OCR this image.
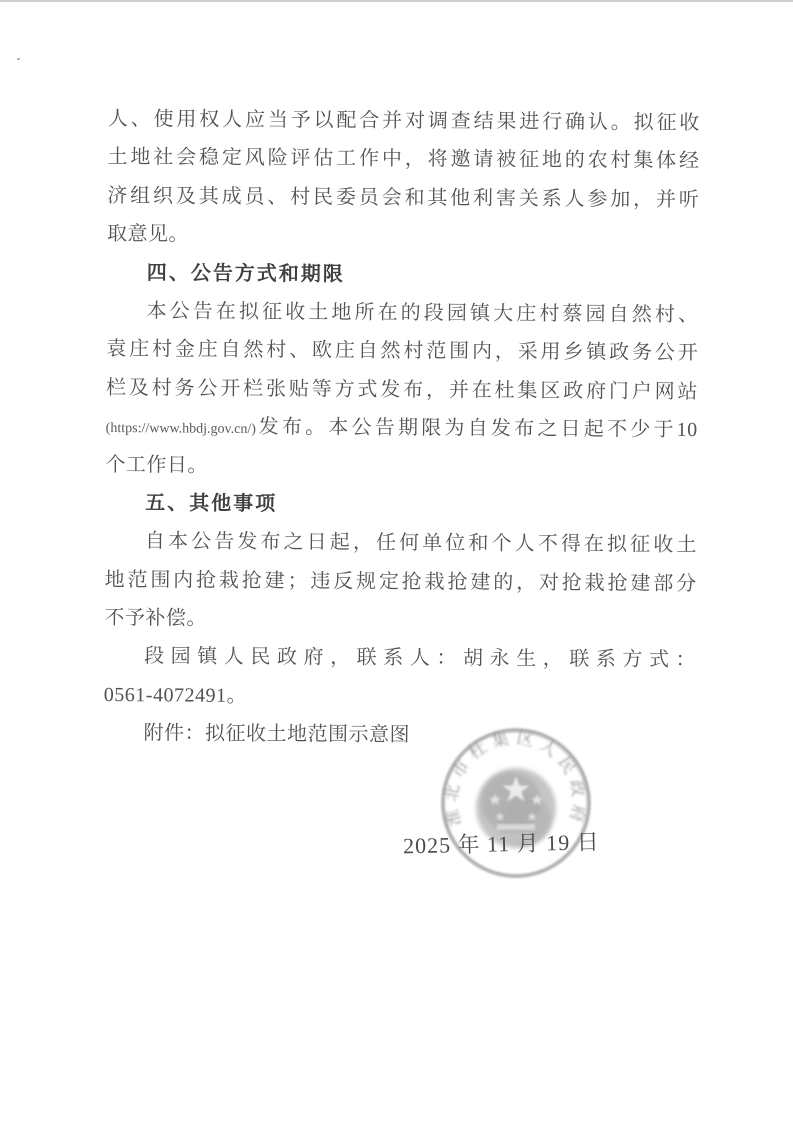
人、使用权人应当予以配合并对调查结果进行确认。拟征收
土地社会稳定风险评估工作中，将邀请被征地的农村集体经
济组织及其成员、村民委员会和其他利害关系人参加，并听
取意见。
四、公告方式和期限
本公告在拟征收土地所在的段园镇大庄村蔡园自然村、
袁庄村金庄自然村、欧庄自然村范围内，采用乡镇政务公开
栏及村务公开栏张贴等方式发布，并在杜集区政府门户网站
(https://www.hbdj.gov.cn/)发布。本公告期限为自发布之日起不少于10
个工作日。
五、其他事项
自本公告发布之日起，任何单位和个人不得在拟征收土
地范围内抢栽抢建；违反规定抢栽抢建的，对抢栽抢建部分
不予补偿。
段园镇人民政府，联系人：胡永生，联系方式：
0561-4072491。
附件：拟征收土地范围示意图
淮北市杜集区人民政府
2025 年 11 月 19 日
